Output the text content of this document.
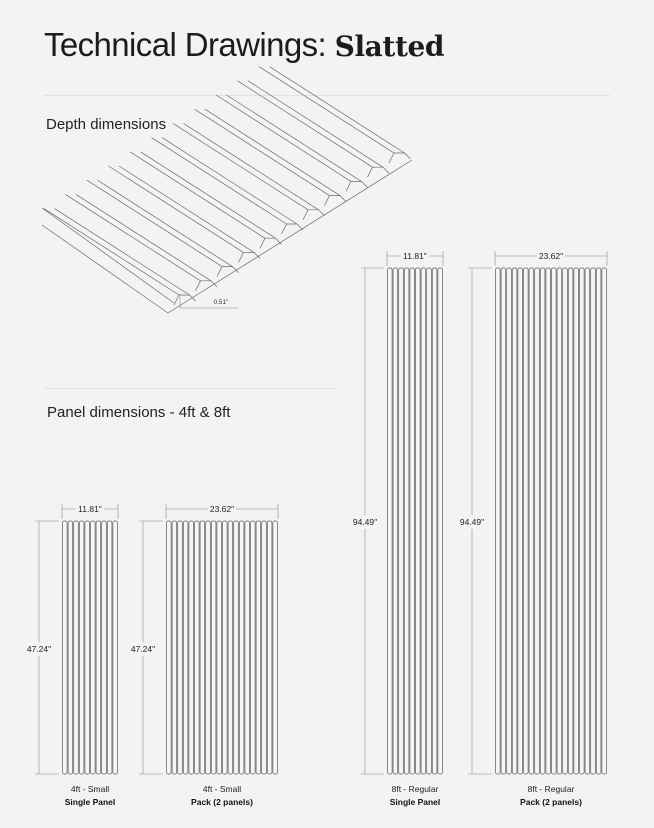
Technical Drawings: Slatted
Depth dimensions
Panel dimensions - 4ft & 8ft
0.51"
11.81"
47.24"
4ft - Small
Single Panel
23.62"
47.24"
4ft - Small
Pack (2 panels)
11.81"
94.49"
8ft - Regular
Single Panel
23.62"
94.49"
8ft - Regular
Pack (2 panels)
